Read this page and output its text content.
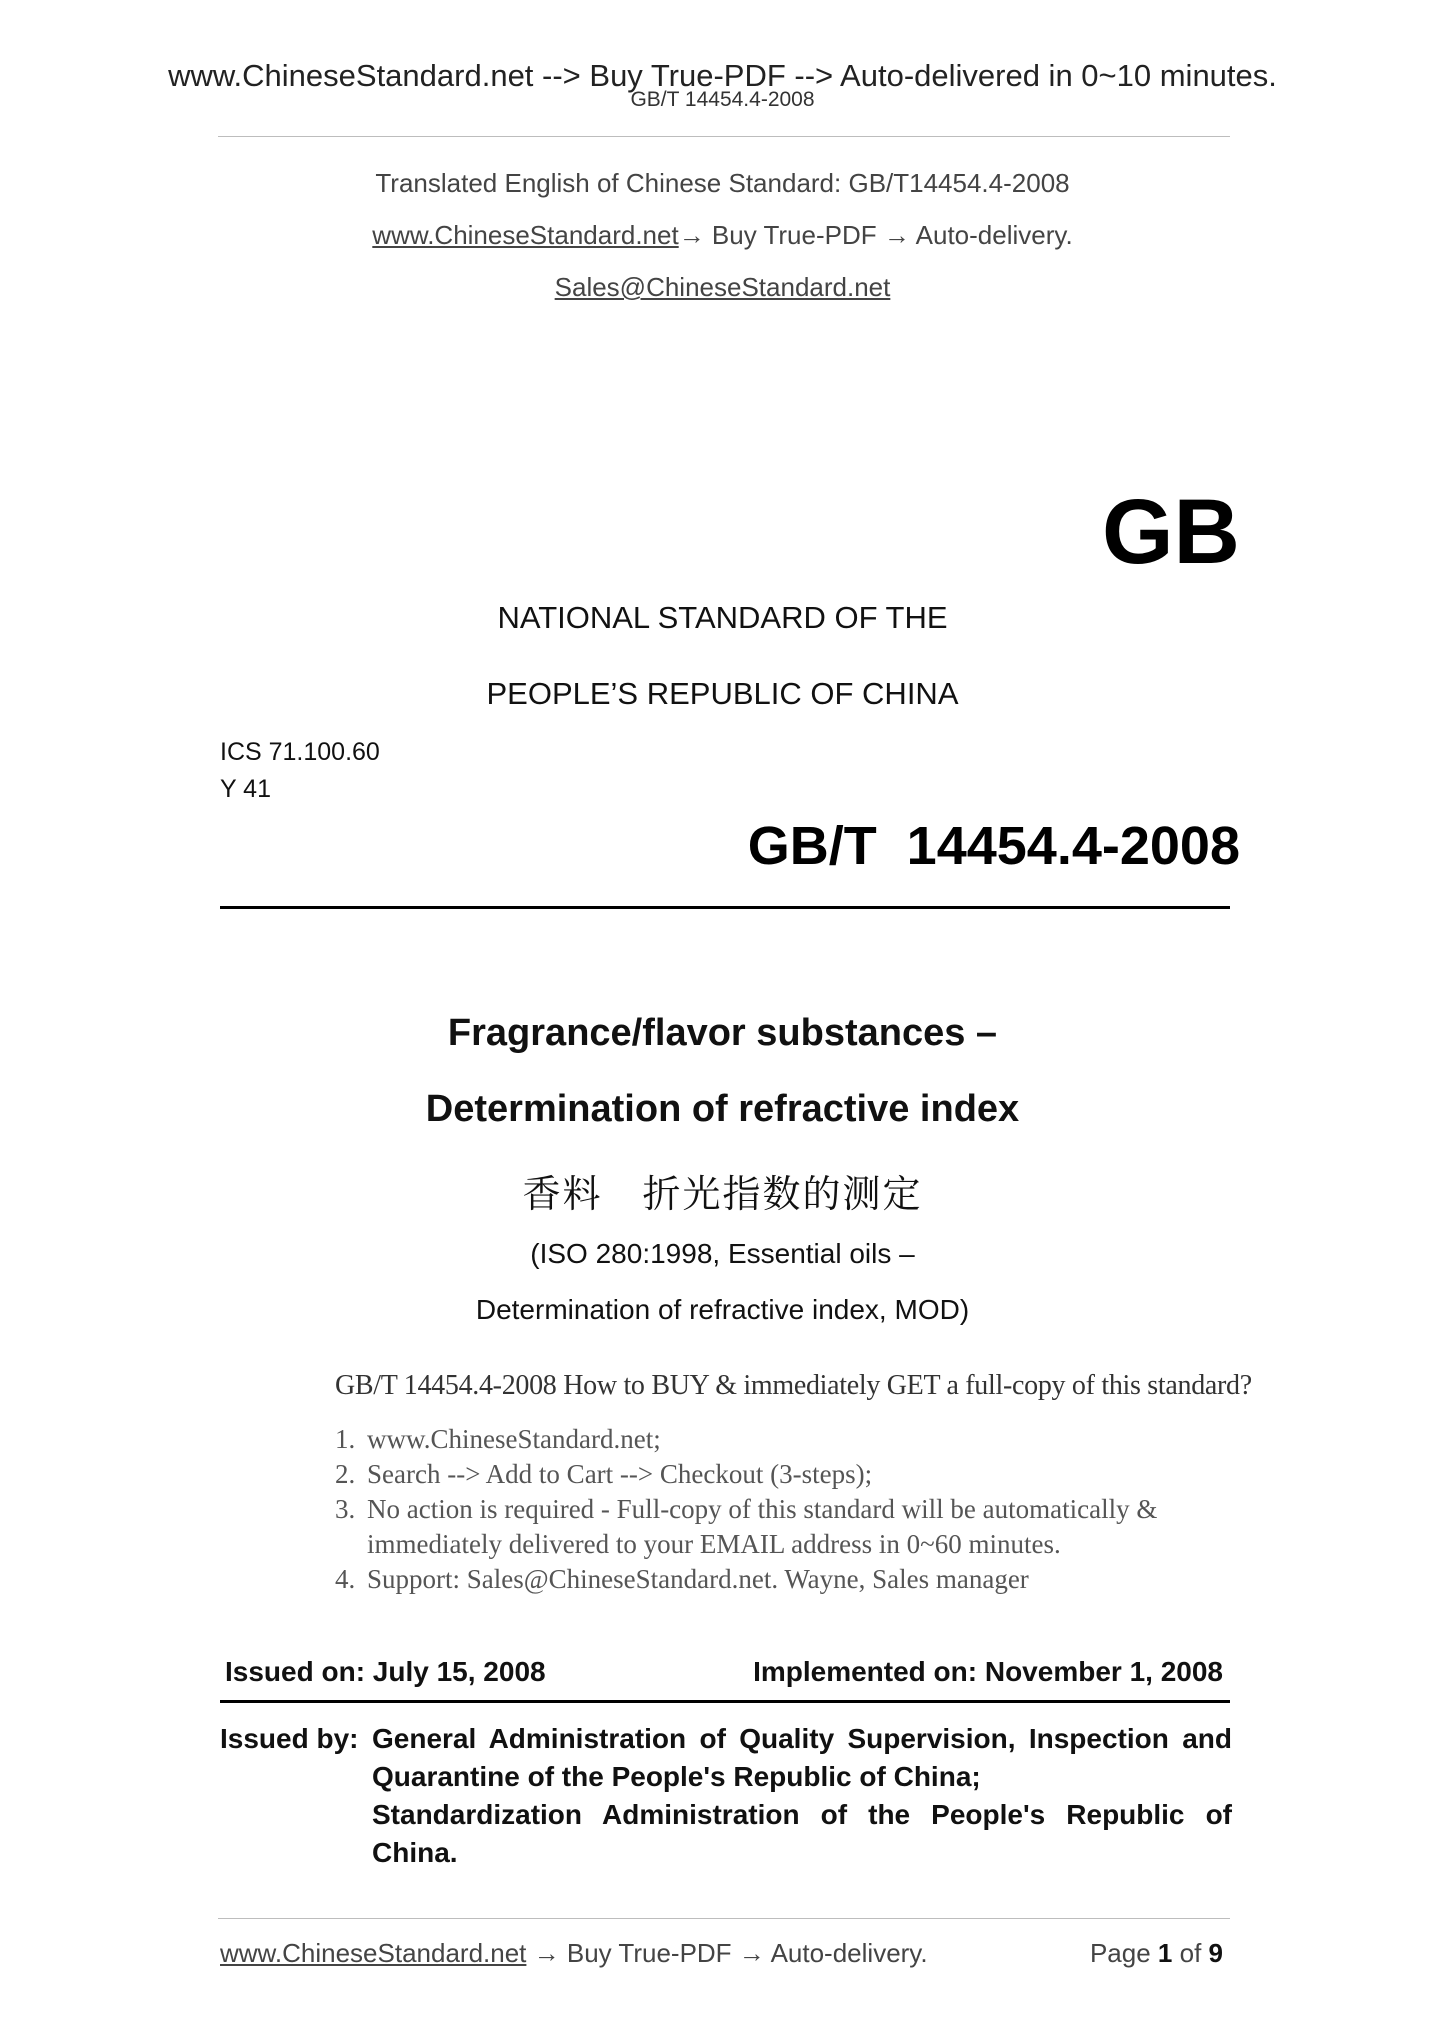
www.ChineseStandard.net --> Buy True-PDF --> Auto-delivered in 0~10 minutes.
GB/T 14454.4-2008
Translated English of Chinese Standard: GB/T14454.4-2008
www.ChineseStandard.net→ Buy True-PDF → Auto-delivery.
Sales@ChineseStandard.net
GB
NATIONAL STANDARD OF THE
PEOPLE’S REPUBLIC OF CHINA
ICS 71.100.60
Y 41
GB/T  14454.4-2008
Fragrance/flavor substances –
Determination of refractive index
香料　折光指数的测定
(ISO 280:1998, Essential oils –
Determination of refractive index, MOD)
GB/T 14454.4-2008 How to BUY & immediately GET a full-copy of this standard?
1. www.ChineseStandard.net;
2. Search --> Add to Cart --> Checkout (3-steps);
3. No action is required - Full-copy of this standard will be automatically &
immediately delivered to your EMAIL address in 0~60 minutes.
4. Support: Sales@ChineseStandard.net. Wayne, Sales manager
Issued on: July 15, 2008	Implemented on: November 1, 2008
Issued by: General Administration of Quality Supervision, Inspection and
Quarantine of the People's Republic of China;
Standardization Administration of the People's Republic of
China.
www.ChineseStandard.net → Buy True-PDF → Auto-delivery.	Page 1 of 9
